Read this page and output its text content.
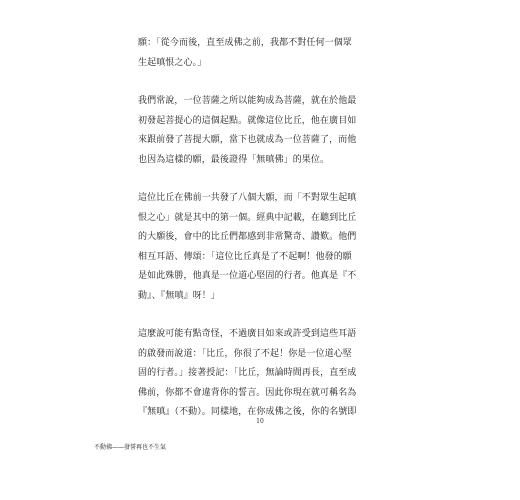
願：「從今而後，直至成佛之前，我都不對任何一個眾
生起嗔恨之心。」

我們常說，一位菩薩之所以能夠成為菩薩，就在於他最
初發起菩提心的這個起點。就像這位比丘，他在廣目如
來跟前發了菩提大願，當下也就成為一位菩薩了，而他
也因為這樣的願，最後證得「無嗔佛」的果位。

這位比丘在佛前一共發了八個大願，而「不對眾生起嗔
恨之心」就是其中的第一個。經典中記載，在聽到比丘
的大願後，會中的比丘們都感到非常驚奇、讚歎。他們
相互耳語、傳頌：「這位比丘真是了不起啊！他發的願
是如此殊勝，他真是一位道心堅固的行者。他真是『不
動』、『無嗔』呀！」

這麼說可能有點奇怪，不過廣目如來或許受到這些耳語
的啟發而說道：「比丘，你很了不起！你是一位道心堅
固的行者。」接著授記：「比丘，無論時間再長，直至成
佛前，你都不會違背你的誓言。因此你現在就可稱名為
『無嗔』（不動）。同樣地，在你成佛之後，你的名號即

10
不動佛——發誓再也不生氣
